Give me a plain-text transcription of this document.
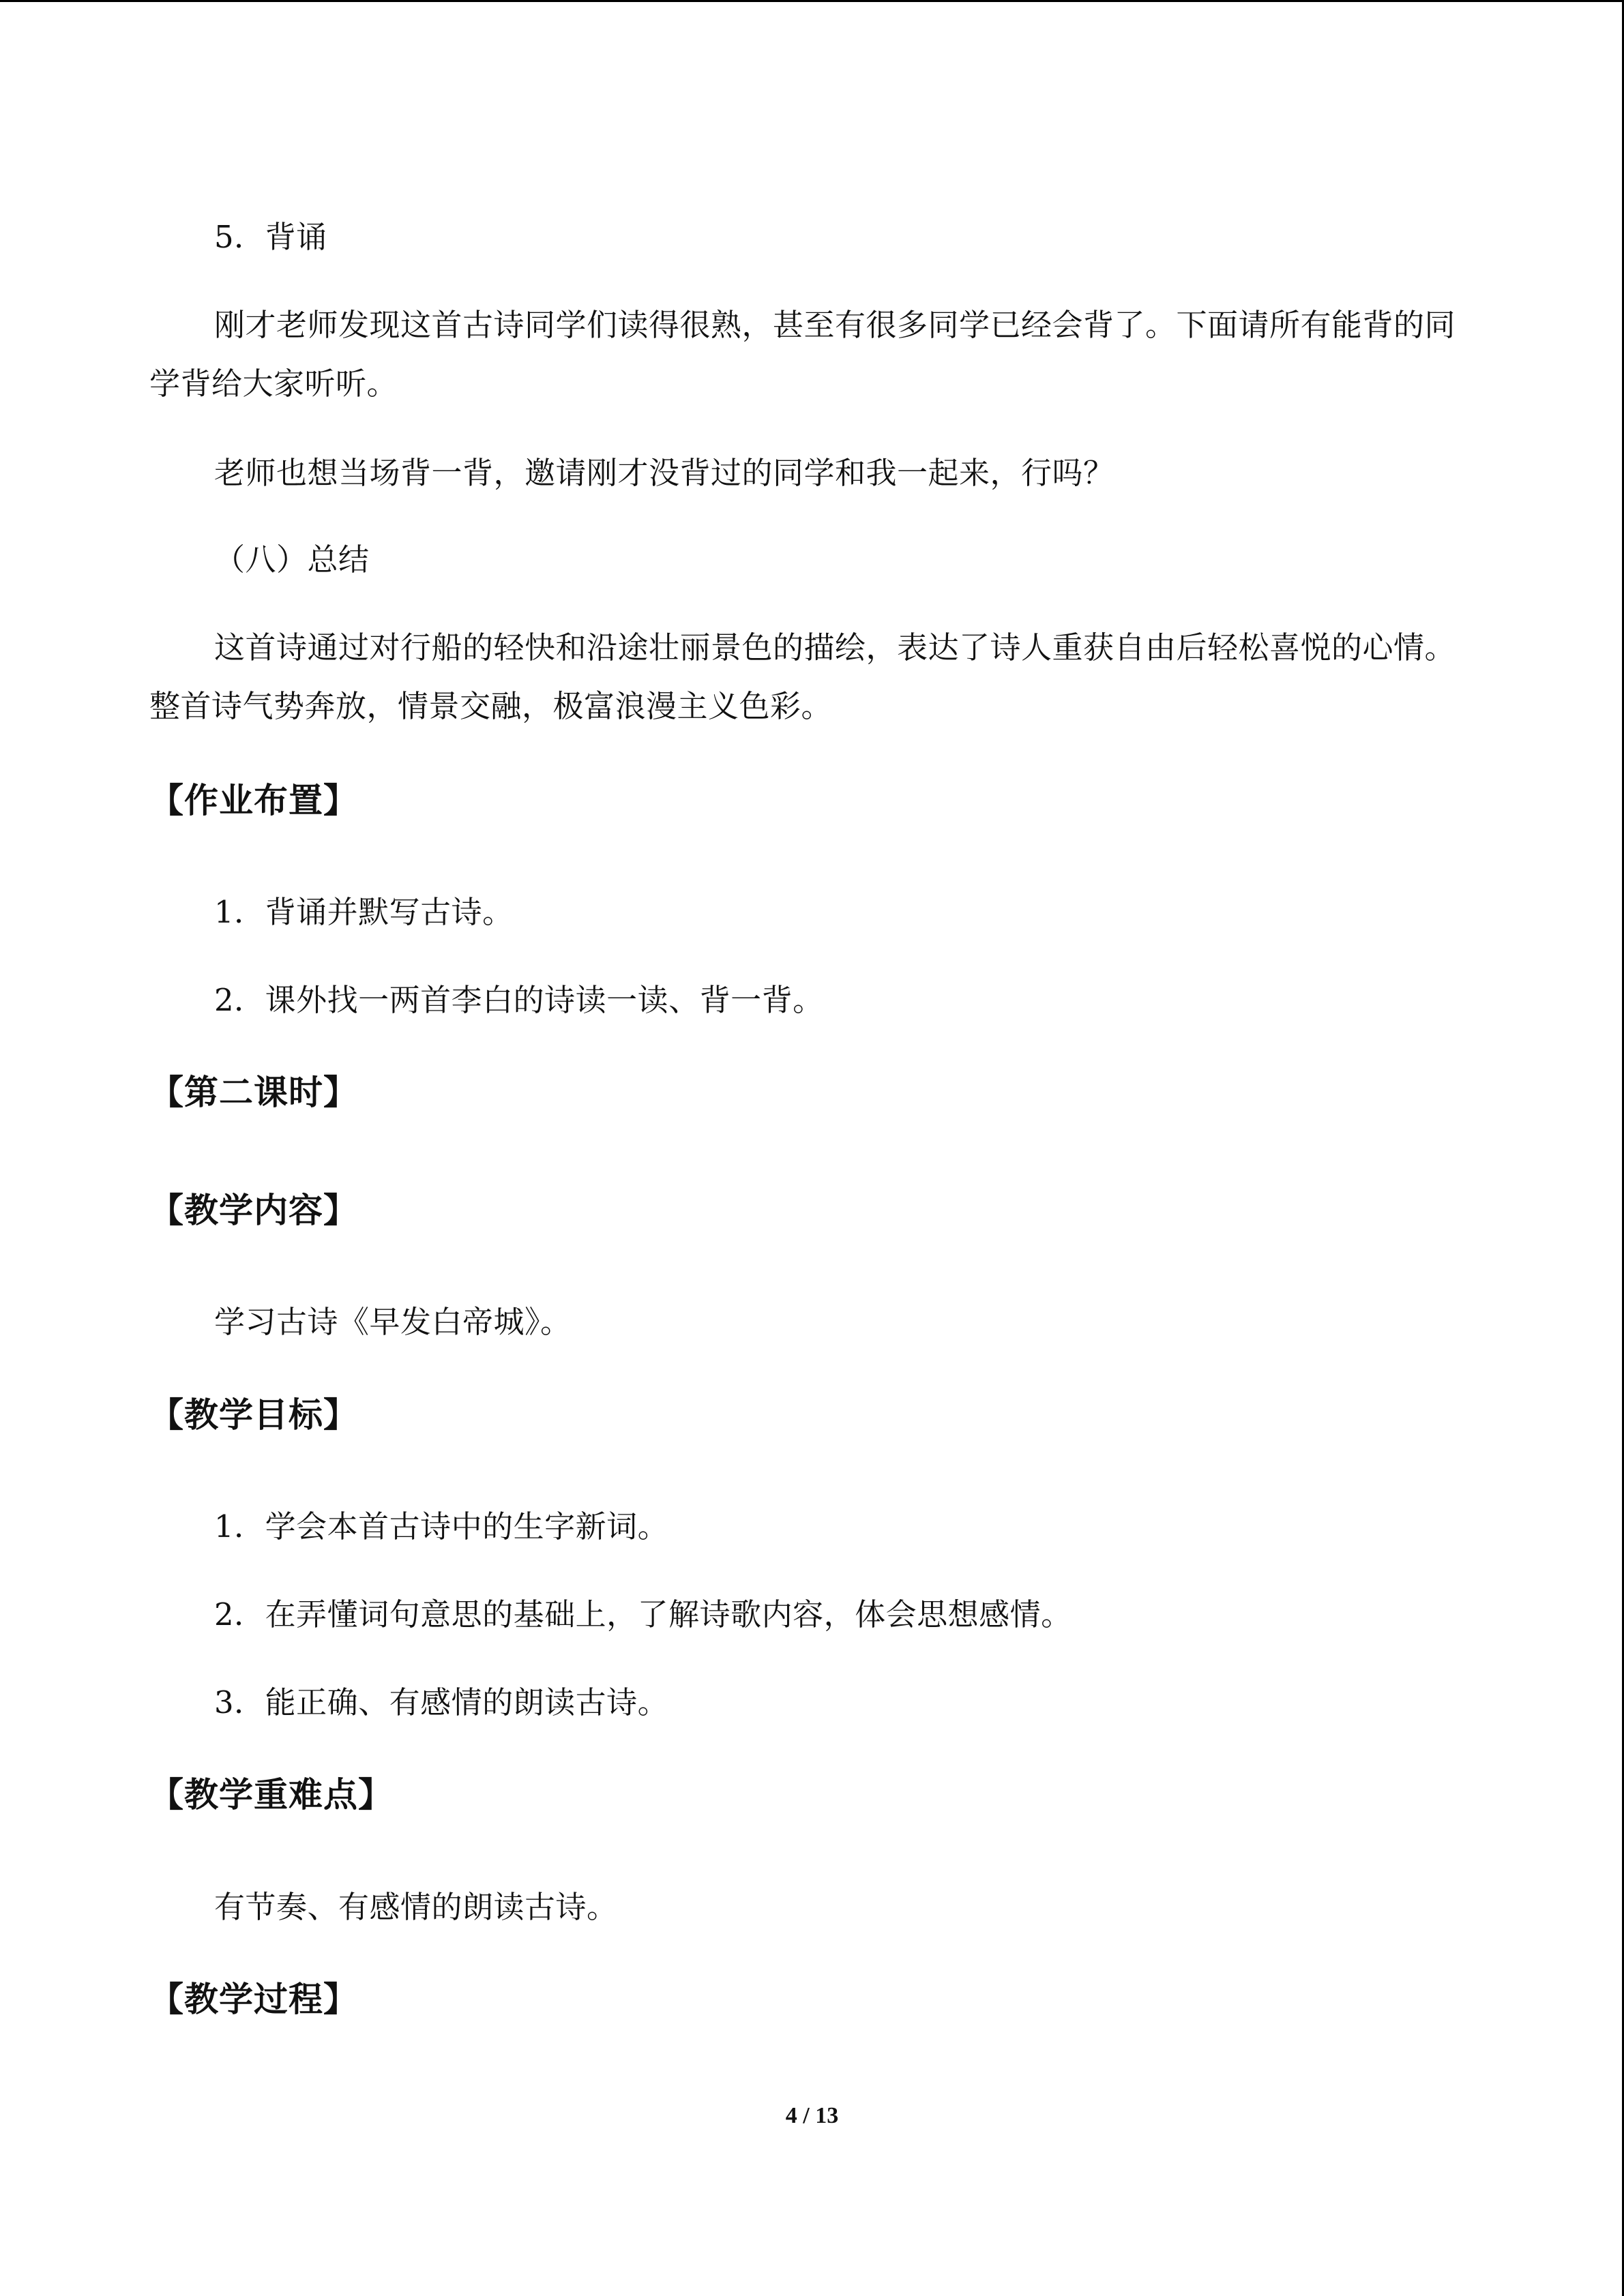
5．背诵

刚才老师发现这首古诗同学们读得很熟，甚至有很多同学已经会背了。下面请所有能背的同学背给大家听听。

老师也想当场背一背，邀请刚才没背过的同学和我一起来，行吗？

（八）总结

这首诗通过对行船的轻快和沿途壮丽景色的描绘，表达了诗人重获自由后轻松喜悦的心情。整首诗气势奔放，情景交融，极富浪漫主义色彩。

【作业布置】

1．背诵并默写古诗。

2．课外找一两首李白的诗读一读、背一背。

【第二课时】
【教学内容】

学习古诗《早发白帝城》。

【教学目标】

1．学会本首古诗中的生字新词。

2．在弄懂词句意思的基础上，了解诗歌内容，体会思想感情。

3．能正确、有感情的朗读古诗。

【教学重难点】

有节奏、有感情的朗读古诗。

【教学过程】
4 / 13
